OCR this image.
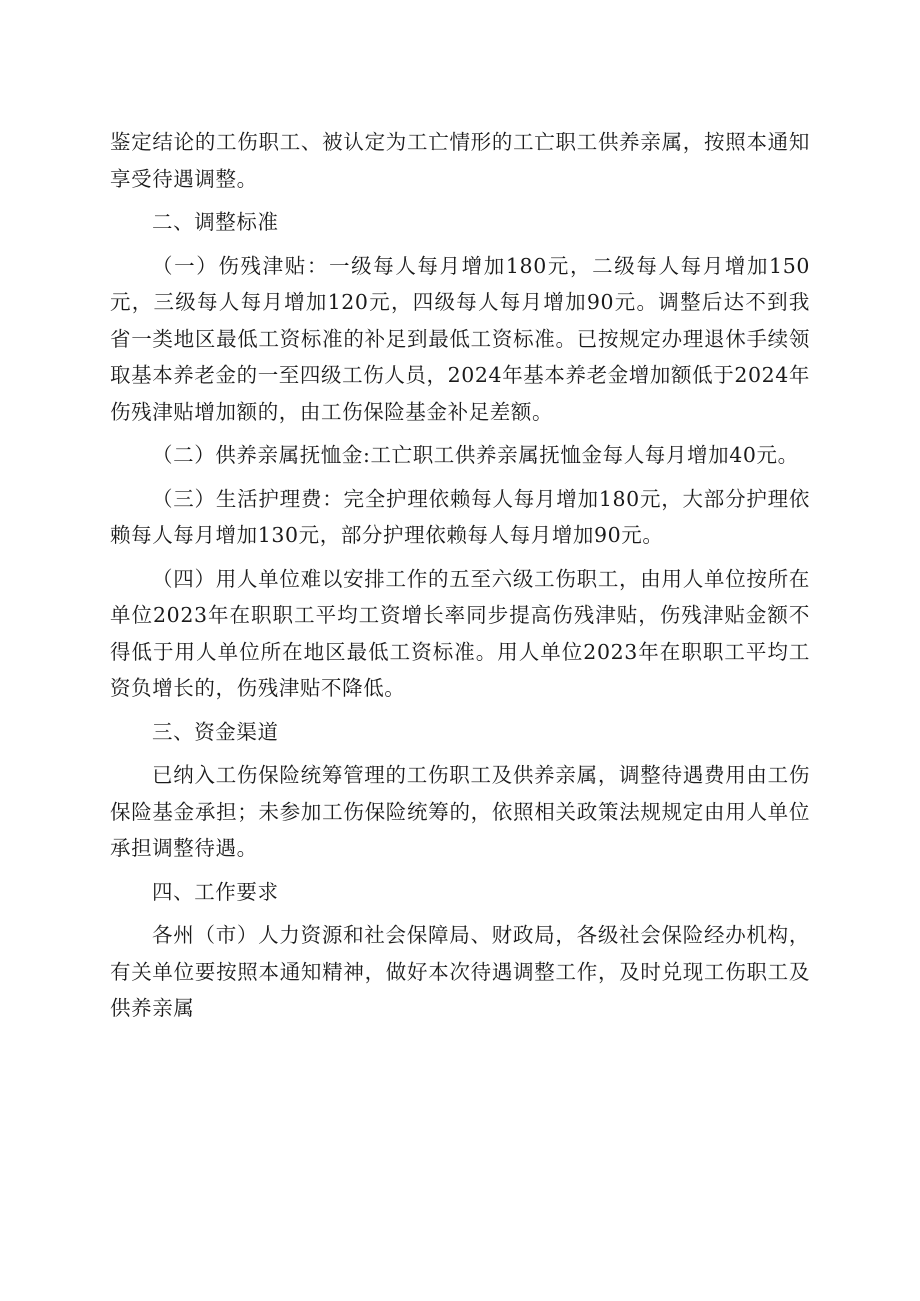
鉴定结论的工伤职工、被认定为工亡情形的工亡职工供养亲属，按照本通知享受待遇调整。

二、调整标准

（一）伤残津贴：一级每人每月增加180元，二级每人每月增加150元，三级每人每月增加120元，四级每人每月增加90元。调整后达不到我省一类地区最低工资标准的补足到最低工资标准。已按规定办理退休手续领取基本养老金的一至四级工伤人员，2024年基本养老金增加额低于2024年伤残津贴增加额的，由工伤保险基金补足差额。

（二）供养亲属抚恤金:工亡职工供养亲属抚恤金每人每月增加40元。

（三）生活护理费：完全护理依赖每人每月增加180元，大部分护理依赖每人每月增加130元，部分护理依赖每人每月增加90元。

（四）用人单位难以安排工作的五至六级工伤职工，由用人单位按所在单位2023年在职职工平均工资增长率同步提高伤残津贴，伤残津贴金额不得低于用人单位所在地区最低工资标准。用人单位2023年在职职工平均工资负增长的，伤残津贴不降低。

三、资金渠道

已纳入工伤保险统筹管理的工伤职工及供养亲属，调整待遇费用由工伤保险基金承担；未参加工伤保险统筹的，依照相关政策法规规定由用人单位承担调整待遇。

四、工作要求

各州（市）人力资源和社会保障局、财政局，各级社会保险经办机构，有关单位要按照本通知精神，做好本次待遇调整工作，及时兑现工伤职工及供养亲属
